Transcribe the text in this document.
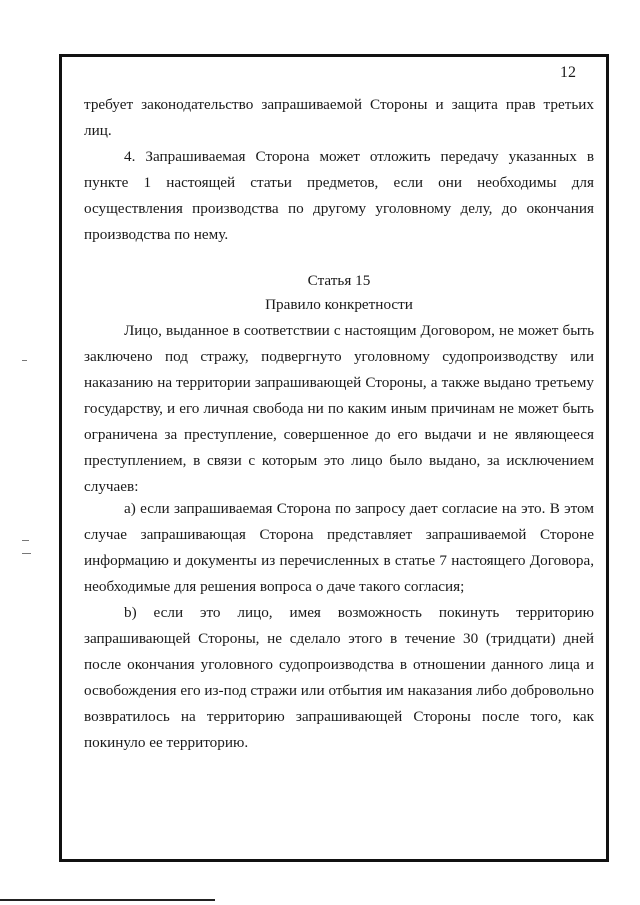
12

требует законодательство запрашиваемой Стороны и защита прав третьих лиц.

4. Запрашиваемая Сторона может отложить передачу указанных в пункте 1 настоящей статьи предметов, если они необходимы для осуществления производства по другому уголовному делу, до окончания производства по нему.

Статья 15

Правило конкретности

Лицо, выданное в соответствии с настоящим Договором, не может быть заключено под стражу, подвергнуто уголовному судопроизводству или наказанию на территории запрашивающей Стороны, а также выдано третьему государству, и его личная свобода ни по каким иным причинам не может быть ограничена за преступление, совершенное до его выдачи и не являющееся преступлением, в связи с которым это лицо было выдано, за исключением случаев:

a) если запрашиваемая Сторона по запросу дает согласие на это. В этом случае запрашивающая Сторона представляет запрашиваемой Стороне информацию и документы из перечисленных в статье 7 настоящего Договора, необходимые для решения вопроса о даче такого согласия;

b) если это лицо, имея возможность покинуть территорию запрашивающей Стороны, не сделало этого в течение 30 (тридцати) дней после окончания уголовного судопроизводства в отношении данного лица и освобождения его из-под стражи или отбытия им наказания либо добровольно возвратилось на территорию запрашивающей Стороны после того, как покинуло ее территорию.
